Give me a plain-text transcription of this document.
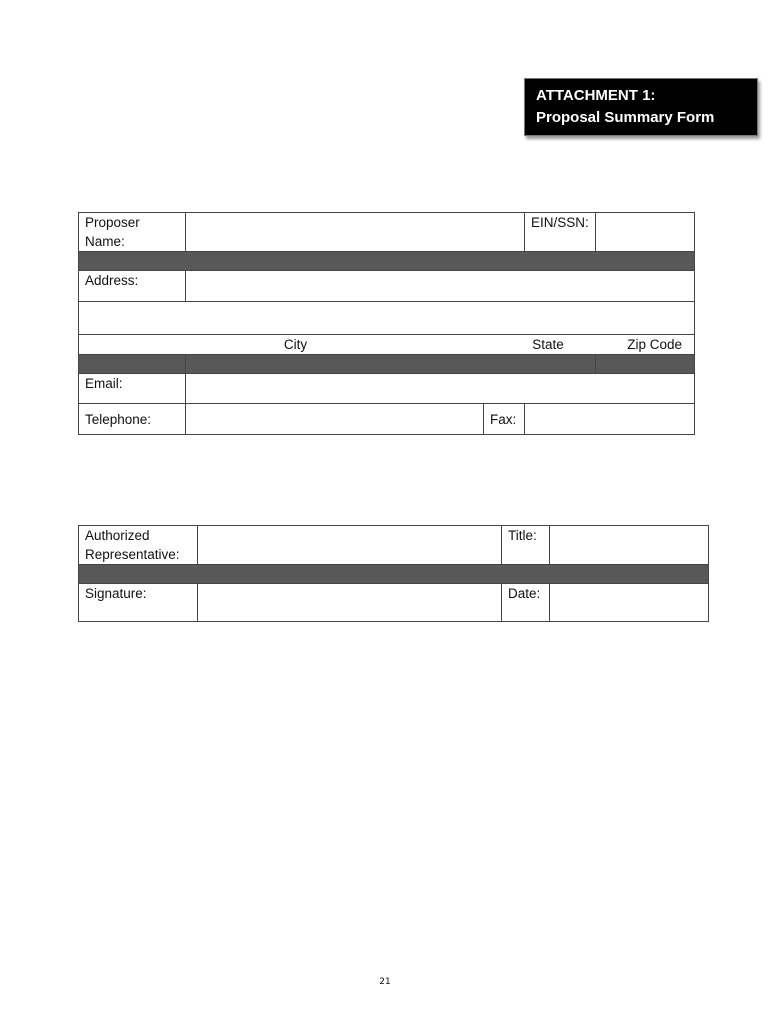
ATTACHMENT 1:
Proposal Summary Form
Proposer
Name:				EIN/SSN:	

Address:					

	City	State			Zip Code

Email:					
Telephone:			Fax:		
Authorized
Representative:		Title:	

Signature:		Date:	
21
